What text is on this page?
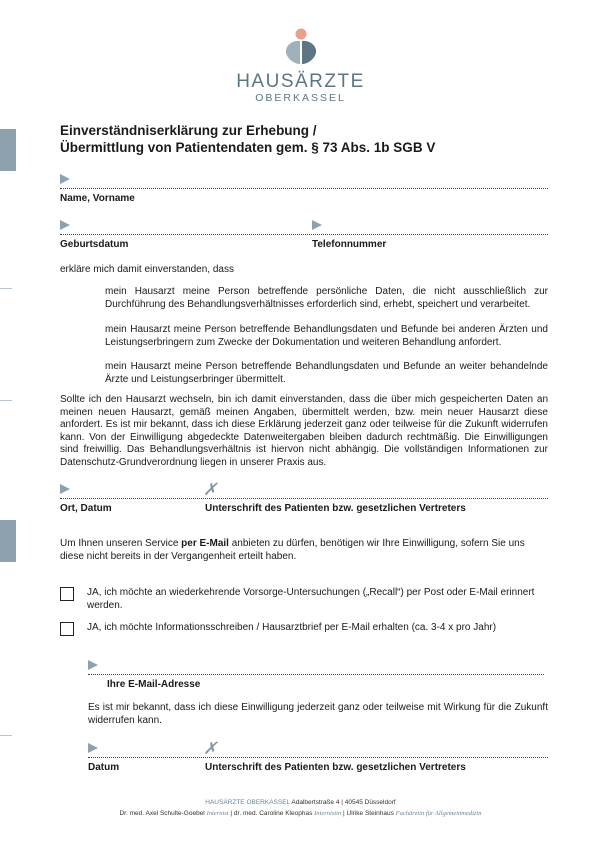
HAUSÄRZTE
OBERKASSEL
Einverständniserklärung zur Erhebung /
Übermittlung von Patientendaten gem. § 73 Abs. 1b SGB V
Name, Vorname
Geburtsdatum	Telefonnummer
erkläre mich damit einverstanden, dass
mein Hausarzt meine Person betreffende persönliche Daten, die nicht ausschließlich zur Durchführung des Behandlungsverhältnisses erforderlich sind, erhebt, speichert und verarbeitet.
mein Hausarzt meine Person betreffende Behandlungsdaten und Befunde bei anderen Ärzten und Leistungserbringern zum Zwecke der Dokumentation und weiteren Behandlung anfordert.
mein Hausarzt meine Person betreffende Behandlungsdaten und Befunde an weiter behandelnde Ärzte und Leistungserbringer übermittelt.
Sollte ich den Hausarzt wechseln, bin ich damit einverstanden, dass die über mich gespeicherten Daten an meinen neuen Hausarzt, gemäß meinen Angaben, übermittelt werden, bzw. mein neuer Hausarzt diese anfordert. Es ist mir bekannt, dass ich diese Erklärung jederzeit ganz oder teilweise für die Zukunft widerrufen kann. Von der Einwilligung abgedeckte Datenweitergaben bleiben dadurch rechtmäßig. Die Einwilligungen sind freiwillig. Das Behandlungsverhältnis ist hiervon nicht abhängig. Die vollständigen Informationen zur Datenschutz-Grundverordnung liegen in unserer Praxis aus.
✗
Ort, Datum	Unterschrift des Patienten bzw. gesetzlichen Vertreters
Um Ihnen unseren Service per E-Mail anbieten zu dürfen, benötigen wir Ihre Einwilligung, sofern Sie uns diese nicht bereits in der Vergangenheit erteilt haben.
JA, ich möchte an wiederkehrende Vorsorge-Untersuchungen („Recall“) per Post oder E-Mail erinnert werden.
JA, ich möchte Informationsschreiben / Hausarztbrief per E-Mail erhalten (ca. 3-4 x pro Jahr)
Ihre E-Mail-Adresse
Es ist mir bekannt, dass ich diese Einwilligung jederzeit ganz oder teilweise mit Wirkung für die Zukunft widerrufen kann.
✗
Datum	Unterschrift des Patienten bzw. gesetzlichen Vertreters
HAUSÄRZTE OBERKASSEL Adalbertstraße 4 | 40545 Düsseldorf
Dr. med. Axel Schulte-Goebel Internist | dr. med. Caroline Kleophas Internistin | Ulrike Steinhaus Fachärztin für Allgemeinmedizin
